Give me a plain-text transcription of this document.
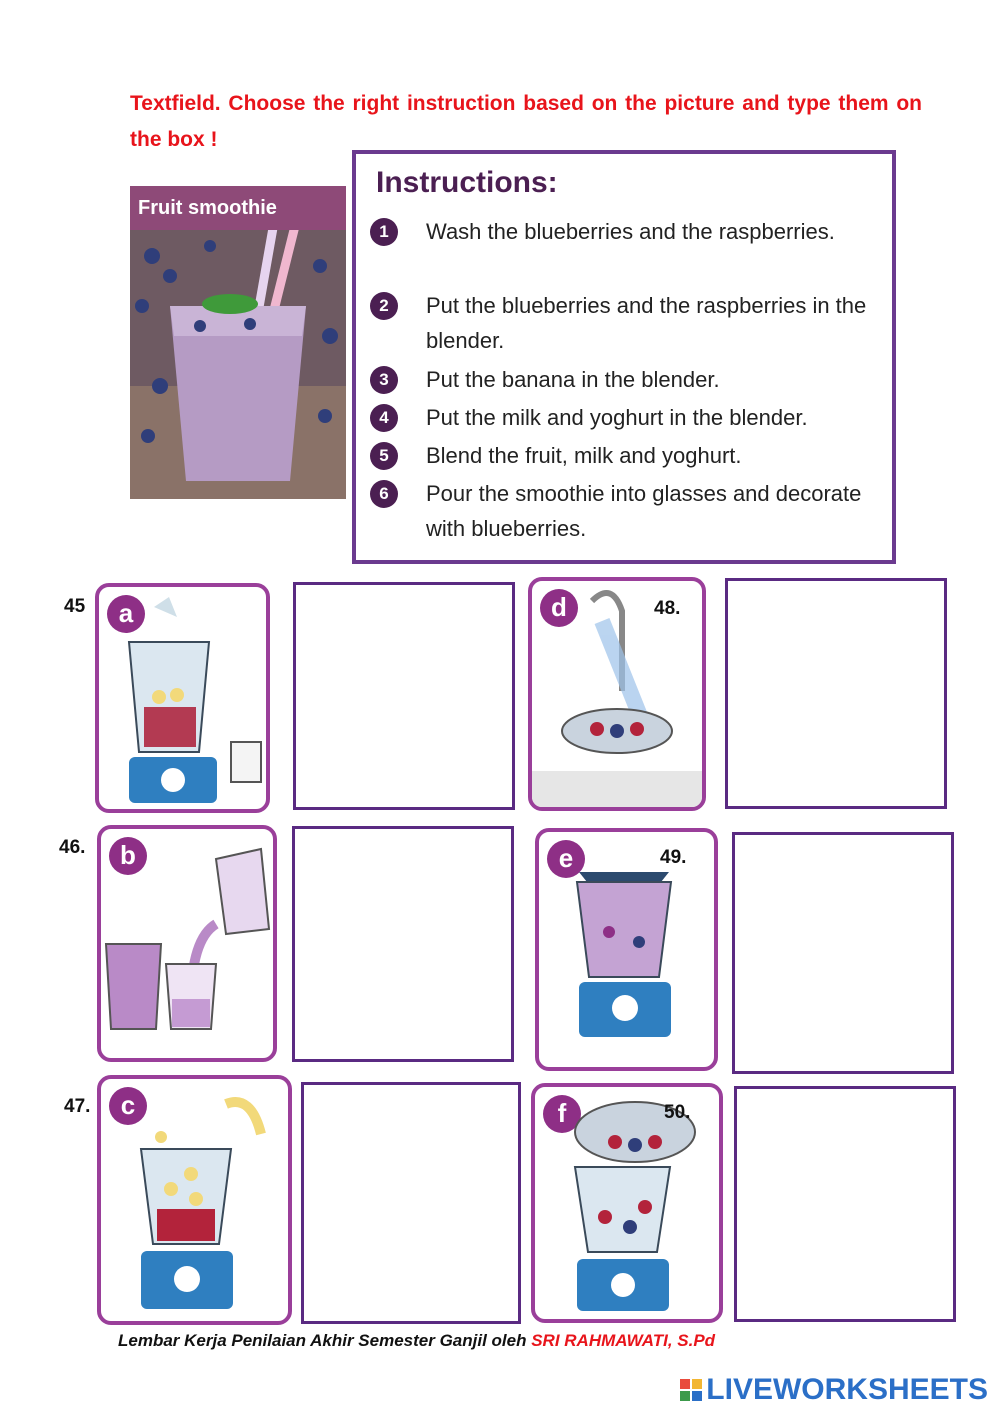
Textfield. Choose the right instruction based on the picture and type them on the box !
Fruit smoothie
Instructions:
1	Wash the blueberries and the raspberries.
2	Put the blueberries and the raspberries in the blender.
3	Put the banana in the blender.
4	Put the milk and yoghurt in the blender.
5	Blend the fruit, milk and yoghurt.
6	Pour the smoothie into glasses and decorate with blueberries.
45	a	d	48.
46.	b	e	49.
47.	c	f	50.
Lembar Kerja Penilaian Akhir Semester Ganjil oleh SRI RAHMAWATI, S.Pd
LIVEWORKSHEETS
